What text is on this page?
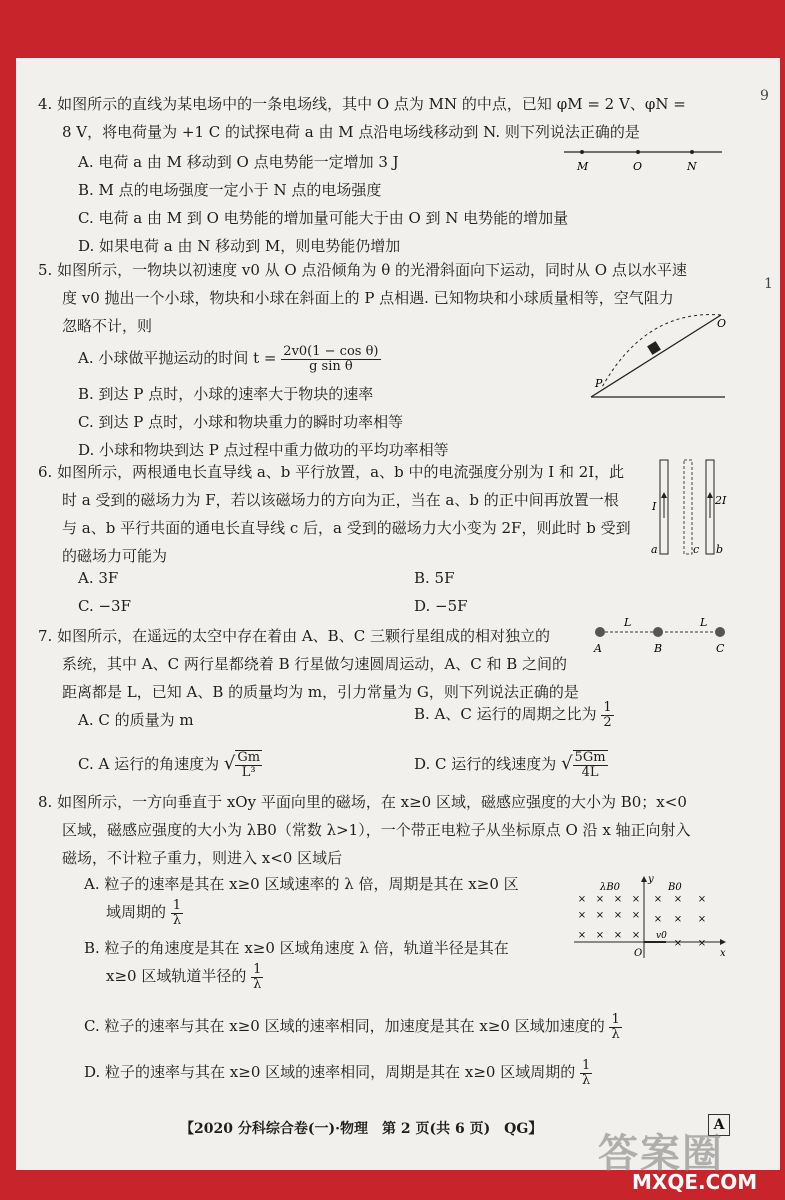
9
1
4. 如图所示的直线为某电场中的一条电场线，其中 O 点为 MN 的中点，已知 φM = 2 V、φN =
8 V，将电荷量为 +1 C 的试探电荷 a 由 M 点沿电场线移动到 N. 则下列说法正确的是
A. 电荷 a 由 M 移动到 O 点电势能一定增加 3 J
B. M 点的电场强度一定小于 N 点的电场强度
C. 电荷 a 由 M 到 O 电势能的增加量可能大于由 O 到 N 电势能的增加量
D. 如果电荷 a 由 N 移动到 M，则电势能仍增加
M	O	N
5. 如图所示，一物块以初速度 v0 从 O 点沿倾角为 θ 的光滑斜面向下运动，同时从 O 点以水平速
度 v0 抛出一个小球，物块和小球在斜面上的 P 点相遇. 已知物块和小球质量相等，空气阻力
忽略不计，则
A. 小球做平抛运动的时间 $t = \frac{\text{2v0(1 − cos θ)}}{\text{g sin θ}}$
B. 到达 P 点时，小球的速率大于物块的速率
C. 到达 P 点时，小球和物块重力的瞬时功率相等
D. 小球和物块到达 P 点过程中重力做功的平均功率相等
O
P
6. 如图所示，两根通电长直导线 a、b 平行放置，a、b 中的电流强度分别为 I 和 2I，此
时 a 受到的磁场力为 F，若以该磁场力的方向为正，当在 a、b 的正中间再放置一根
与 a、b 平行共面的通电长直导线 c 后，a 受到的磁场力大小变为 2F，则此时 b 受到
的磁场力可能为
A. 3F	B. 5F
C. −3F	D. −5F
I	2I
a	c b
7. 如图所示，在遥远的太空中存在着由 A、B、C 三颗行星组成的相对独立的
系统，其中 A、C 两行星都绕着 B 行星做匀速圆周运动，A、C 和 B 之间的
距离都是 L，已知 A、B 的质量均为 m，引力常量为 G，则下列说法正确的是
A. C 的质量为 m	B. A、C 运行的周期之比为 $\frac{1}{2}$
C. A 运行的角速度为 √ $\frac{Gm}{\text{L³}}$	D. C 运行的线速度为 √ $\frac{5Gm}{4L}$
L	L
A	B	C
8. 如图所示，一方向垂直于 xOy 平面向里的磁场，在 x≥0 区域，磁感应强度的大小为 B0；x<0
区域，磁感应强度的大小为 λB0（常数 λ>1），一个带正电粒子从坐标原点 O 沿 x 轴正向射入
磁场，不计粒子重力，则进入 x<0 区域后
A. 粒子的速率是其在 x≥0 区域速率的 λ 倍，周期是其在 x≥0 区
域周期的 $\frac{1}{\lambda}$
B. 粒子的角速度是其在 x≥0 区域角速度 λ 倍，轨道半径是其在
x≥0 区域轨道半径的 $\frac{1}{\lambda}$
C. 粒子的速率与其在 x≥0 区域的速率相同，加速度是其在 x≥0 区域加速度的 $\frac{1}{\lambda}$
D. 粒子的速率与其在 x≥0 区域的速率相同，周期是其在 x≥0 区域周期的 $\frac{1}{\lambda}$
λB0	B0
y
x
O
v0
× × × ×
× × × ×
× × × ×
× × ×
× × ×
× ×
【2020 分科综合卷(一)·物理　第 2 页(共 6 页)　QG】	A
答案圈
MXQE.COM
